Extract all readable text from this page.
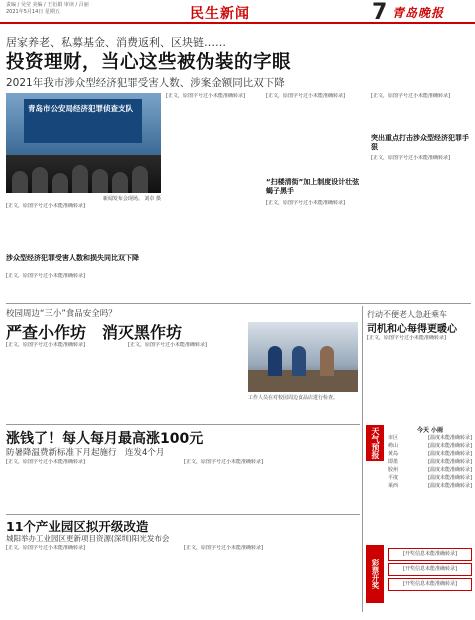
责编 / 吴莹 美编 / 王衍娟 审读 / 吕丽
2021年5月14日 星期五	民生新闻	7 青岛晚报
居家养老、私募基金、消费返利、区块链……
投资理财，当心这些被伪装的字眼
2021年我市涉众型经济犯罪受害人数、涉案金额同比双下降
青岛市公安局经济犯罪侦查支队
新闻发布会现场。 刘卓 摄
[正文，原图字号过小未能准确转录]
涉众型经济犯罪受害人数和损失同比双下降
[正文，原图字号过小未能准确转录]
[正文，原图字号过小未能准确转录]	[正文，原图字号过小未能准确转录]
“扫楼清街”加上制度设计壮弦蝎子黑手
[正文，原图字号过小未能准确转录]
[正文，原图字号过小未能准确转录]
突出重点打击涉众型经济犯罪手狠
[正文，原图字号过小未能准确转录]
校园周边“三小”食品安全吗？
严查小作坊　消灭黑作坊
[正文，原图字号过小未能准确转录]	[正文，原图字号过小未能准确转录]
工作人员在对校园周边食品店进行检查。
行动不便老人急赶乘车
司机和心每得更暖心
[正文，原图字号过小未能准确转录]
涨钱了！每人每月最高涨100元
防暑降温费新标准下月起施行　连发4个月
[正文，原图字号过小未能准确转录]	[正文，原图字号过小未能准确转录]
11个产业园区拟开级改造
城阳举办工业园区更新项目资源(深圳)阳光发布会
[正文，原图字号过小未能准确转录]	[正文，原图字号过小未能准确转录]
天气预报	今天 小雨
市区	[温度未能准确转录]
崂山	[温度未能准确转录]
黄岛	[温度未能准确转录]
即墨	[温度未能准确转录]
胶州	[温度未能准确转录]
平度	[温度未能准确转录]
莱西	[温度未能准确转录]
彩票开奖
[开奖信息未能准确转录]
[开奖信息未能准确转录]
[开奖信息未能准确转录]
